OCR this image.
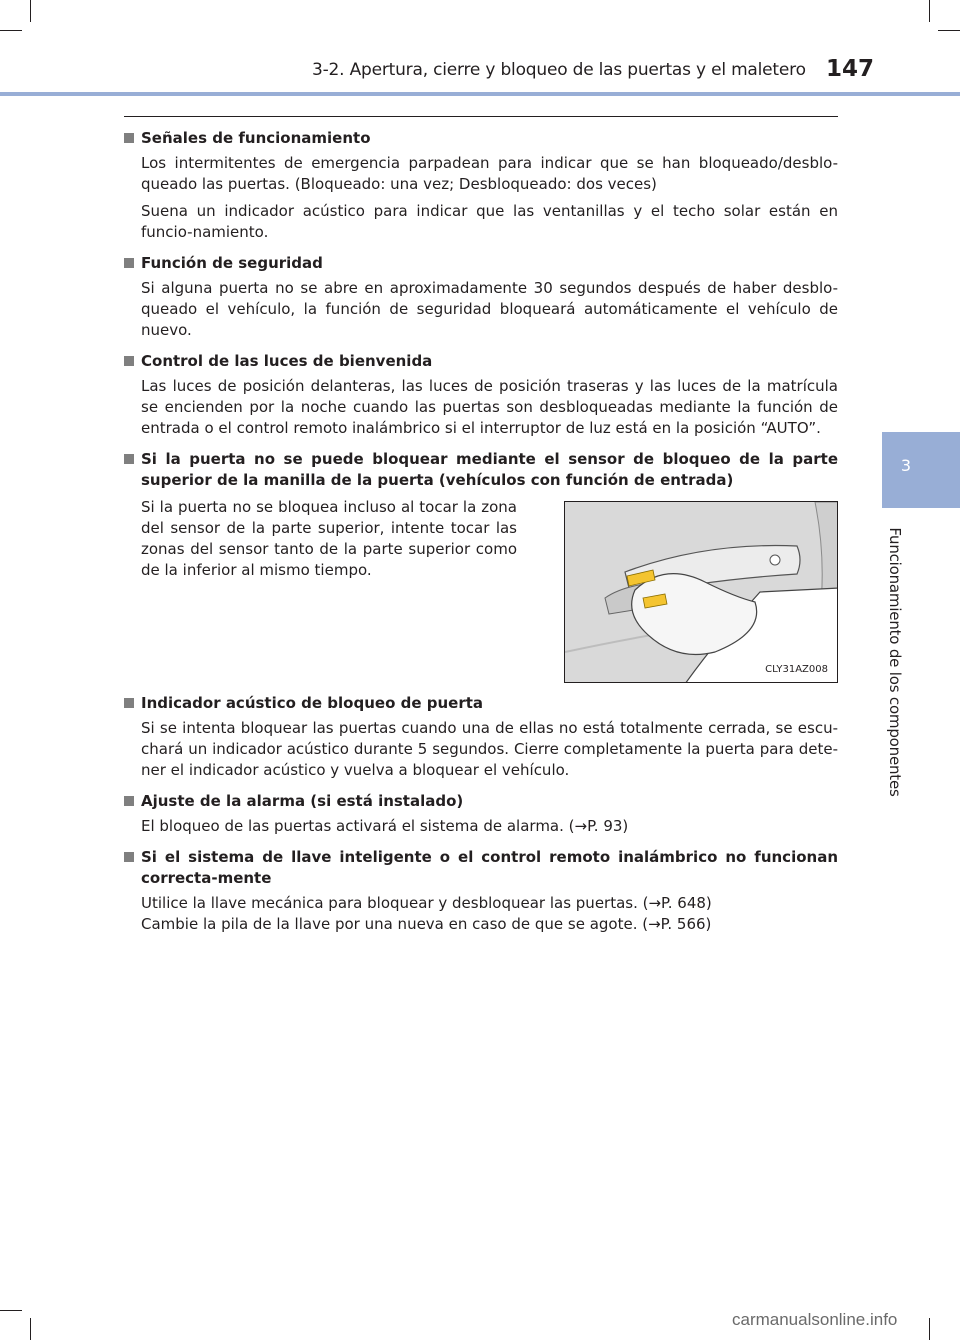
3-2. Apertura, cierre y bloqueo de las puertas y el maletero 147
3
Funcionamiento de los componentes
Señales de funcionamiento
Los intermitentes de emergencia parpadean para indicar que se han bloqueado/desblo-queado las puertas. (Bloqueado: una vez; Desbloqueado: dos veces)
Suena un indicador acústico para indicar que las ventanillas y el techo solar están en funcio-namiento.
Función de seguridad
Si alguna puerta no se abre en aproximadamente 30 segundos después de haber desblo-queado el vehículo, la función de seguridad bloqueará automáticamente el vehículo de nuevo.
Control de las luces de bienvenida
Las luces de posición delanteras, las luces de posición traseras y las luces de la matrícula se encienden por la noche cuando las puertas son desbloqueadas mediante la función de entrada o el control remoto inalámbrico si el interruptor de luz está en la posición “AUTO”.
Si la puerta no se puede bloquear mediante el sensor de bloqueo de la parte superior de la manilla de la puerta (vehículos con función de entrada)
Si la puerta no se bloquea incluso al tocar la zona del sensor de la parte superior, intente tocar las zonas del sensor tanto de la parte superior como de la inferior al mismo tiempo.
CLY31AZ008
Indicador acústico de bloqueo de puerta
Si se intenta bloquear las puertas cuando una de ellas no está totalmente cerrada, se escu-chará un indicador acústico durante 5 segundos. Cierre completamente la puerta para dete-ner el indicador acústico y vuelva a bloquear el vehículo.
Ajuste de la alarma (si está instalado)
El bloqueo de las puertas activará el sistema de alarma. (→P. 93)
Si el sistema de llave inteligente o el control remoto inalámbrico no funcionan correcta-mente
Utilice la llave mecánica para bloquear y desbloquear las puertas. (→P. 648)
Cambie la pila de la llave por una nueva en caso de que se agote. (→P. 566)
carmanualsonline.info
